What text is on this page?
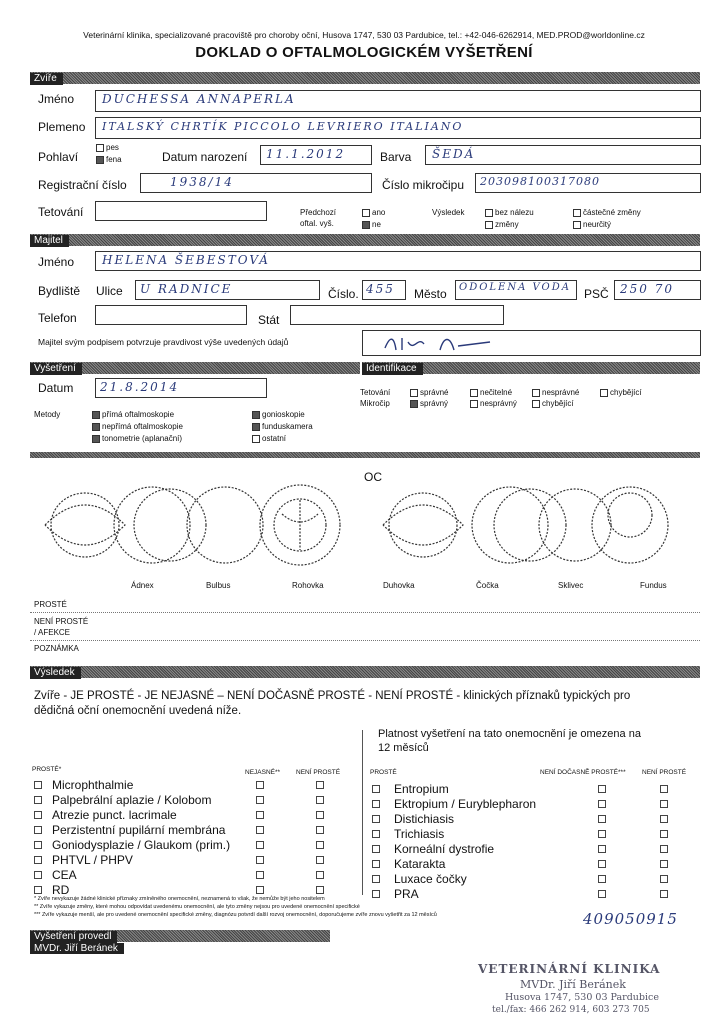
Veterinární klinika, specializované pracoviště pro choroby oční, Husova 1747, 530 03 Pardubice, tel.: +42-046-6262914, MED.PROD@worldonline.cz
DOKLAD O OFTALMOLOGICKÉM VYŠETŘENÍ
Zvíře
Jméno DUCHESSA ANNAPERLA
Plemeno ITALSKÝ CHRTÍK PICCOLO LEVRIERO ITALIANO
Pohlaví
pes
fena	Datum narození 11.1.2012	Barva ŠEDÁ
Registrační číslo	1938/14	Číslo mikročipu 203098100317080
Tetování	Předchozí
oftal. vyš.
ano
ne
Výsledek	bez nálezu
změny
částečné změny
neurčitý
Majitel
Jméno HELENA ŠEBESTOVÁ
Bydliště Ulice U RADNICE	Číslo. 455 Město ODOLENA VODA PSČ 250 70
Telefon	Stát
Majitel svým podpisem potvrzuje pravdivost výše uvedených údajů
Vyšetření	Identifikace
Datum 21.8.2014	Tetování	správné	nečitelné	nesprávné	chybějící
Mikročip	správný	nesprávný	chybějící
Metody	přímá oftalmoskopie
nepřímá oftalmoskopie
tonometrie (aplanační)
gonioskopie
funduskamera
ostatní
OC
Ádnex	Bulbus	Rohovka	Duhovka	Čočka	Sklivec	Fundus
PROSTÉ
NENÍ PROSTÉ
/ AFEKCE
POZNÁMKA
Výsledek
Zvíře - JE PROSTÉ - JE NEJASNÉ – NENÍ DOČASNĚ PROSTÉ - NENÍ PROSTÉ - klinických příznaků typických pro
dědičná oční onemocnění uvedená níže.
Platnost vyšetření na tato onemocnění je omezena na
12 měsíců
PROSTÉ*	NEJASNÉ** NENÍ PROSTÉ	PROSTÉ	NENÍ DOČASNĚ PROSTÉ***	NENÍ PROSTÉ
Microphthalmie
Palpebrální aplazie / Kolobom
Atrezie punct. lacrimale
Perzistentní pupilární membrána
Goniodysplazie / Glaukom (prim.)
PHTVL / PHPV
CEA
RD
Entropium
Ektropium / Euryblepharon
Distichiasis
Trichiasis
Korneální dystrofie
Katarakta
Luxace čočky
PRA
* Zvíře nevykazuje žádné klinické příznaky zmíněného onemocnění, neznamená to však, že nemůže být jeho nositelem
** Zvíře vykazuje změny, které mohou odpovídat uvedenému onemocnění, ale tyto změny nejsou pro uvedené onemocnění specifické
*** Zvíře vykazuje menší, ale pro uvedené onemocnění specifické změny, diagnózu potvrdí další rozvoj onemocnění, doporučujeme zvíře znovu vyšetřit za 12 měsíců	409050915
Vyšetření provedl
MVDr. Jiří Beránek
VETERINÁRNÍ KLINIKA
MVDr. Jiří Beránek
Husova 1747, 530 03 Pardubice
tel./fax: 466 262 914, 603 273 705
